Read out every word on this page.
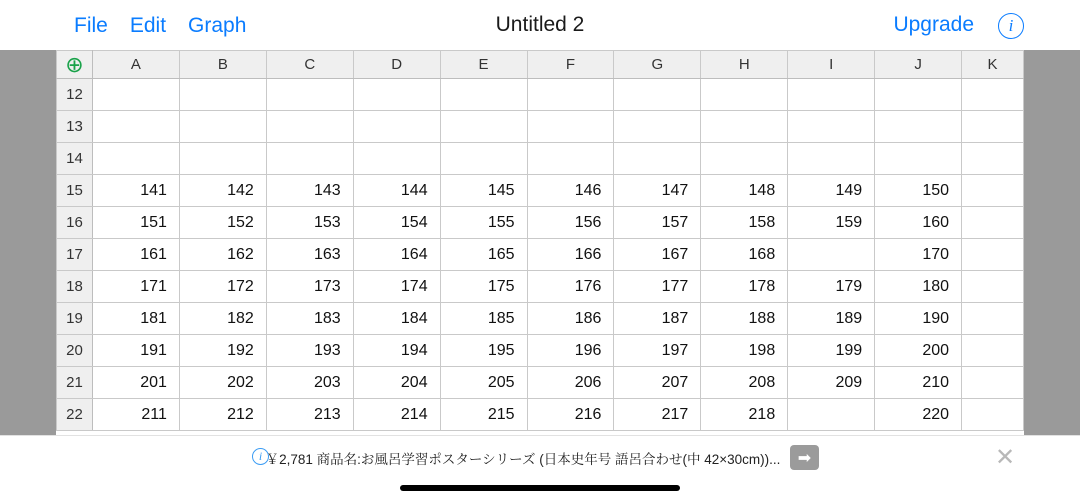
File Edit Graph	Untitled 2	Upgrade	i
⊕	A	B	C	D	E	F	G	H	I	J	K
12											
13											
14											
15	141	142	143	144	145	146	147	148	149	150	
16	151	152	153	154	155	156	157	158	159	160	
17	161	162	163	164	165	166	167	168		170	
18	171	172	173	174	175	176	177	178	179	180	
19	181	182	183	184	185	186	187	188	189	190	
20	191	192	193	194	195	196	197	198	199	200	
21	201	202	203	204	205	206	207	208	209	210	
22	211	212	213	214	215	216	217	218		220	
i ￥2,781 商品名:お風呂学習ポスターシリーズ (日本史年号 語呂合わせ(中 42×30cm))...	➡	✕
